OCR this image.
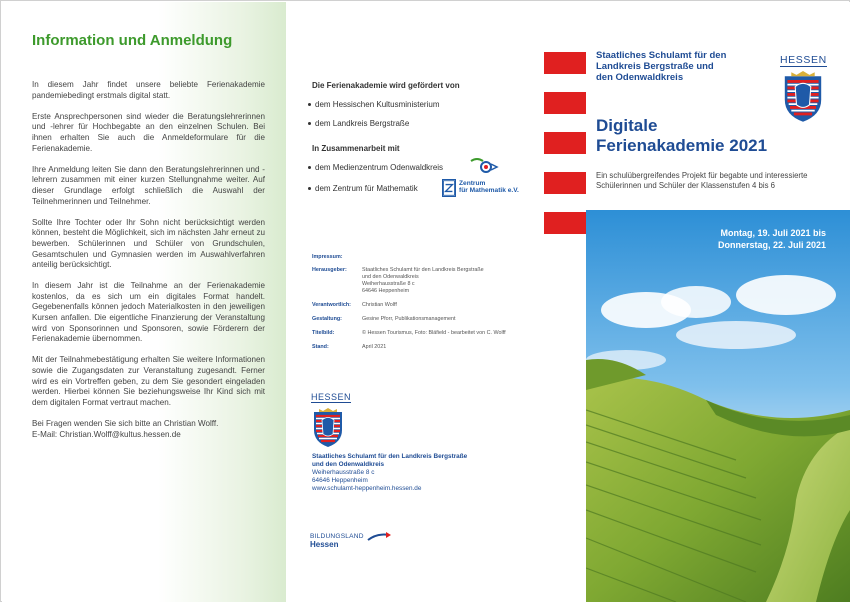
Information und Anmeldung

In diesem Jahr findet unsere beliebte Ferienakademie pandemiebedingt erstmals digital statt.

Erste Ansprechpersonen sind wieder die Beratungslehrerinnen und -lehrer für Hochbegabte an den einzelnen Schulen. Bei ihnen erhalten Sie auch die Anmeldeformulare für die Ferienakademie.

Ihre Anmeldung leiten Sie dann den Beratungslehrerinnen und -lehrern zusammen mit einer kurzen Stellungnahme weiter. Auf dieser Grundlage erfolgt schließlich die Auswahl der Teilnehmerinnen und Teilnehmer.

Sollte Ihre Tochter oder Ihr Sohn nicht berücksichtigt werden können, besteht die Möglichkeit, sich im nächsten Jahr erneut zu bewerben. Schülerinnen und Schüler von Grundschulen, Gesamtschulen und Gymnasien werden im Auswahlverfahren anteilig berücksichtigt.

In diesem Jahr ist die Teilnahme an der Ferienakademie kostenlos, da es sich um ein digitales Format handelt. Gegebenenfalls können jedoch Materialkosten in den jeweiligen Kursen anfallen. Die eigentliche Finanzierung der Veranstaltung wird von Sponsorinnen und Sponsoren, sowie Förderern der Ferienakademie übernommen.

Mit der Teilnahmebestätigung erhalten Sie weitere Informationen sowie die Zugangsdaten zur Veranstaltung zugesandt. Ferner wird es ein Vortreffen geben, zu dem Sie gesondert eingeladen werden. Hierbei können Sie beziehungsweise Ihr Kind sich mit dem digitalen Format vertraut machen.

Bei Fragen wenden Sie sich bitte an Christian Wolff.

E-Mail: Christian.Wolff@kultus.hessen.de

Die Ferienakademie wird gefördert von
dem Hessischen Kultusministerium
dem Landkreis Bergstraße
In Zusammenarbeit mit
dem Medienzentrum Odenwaldkreis
dem Zentrum für Mathematik
Zentrum
für Mathematik e.V.
Impressum:
Herausgeber:	Staatliches Schulamt für den Landkreis Bergstraße
und den Odenwaldkreis
Weiherhausstraße 8 c
64646 Heppenheim
Verantwortlich:	Christian Wolff
Gestaltung:	Gesine Pforr, Publikationsmanagement
Titelbild:	© Hessen Tourismus, Foto: Bläfield - bearbeitet von C. Wolff
Stand:	April 2021
HESSEN
Staatliches Schulamt für den Landkreis Bergstraße
und den Odenwaldkreis
Weiherhausstraße 8 c
64646 Heppenheim
www.schulamt-heppenheim.hessen.de
BILDUNGSLAND
Hessen
Staatliches Schulamt für den
Landkreis Bergstraße und
den Odenwaldkreis
HESSEN
Digitale
Ferienakademie 2021
Ein schulübergreifendes Projekt für begabte und interessierte Schülerinnen und Schüler der Klassenstufen 4 bis 6
Montag, 19. Juli 2021 bis
Donnerstag, 22. Juli 2021
